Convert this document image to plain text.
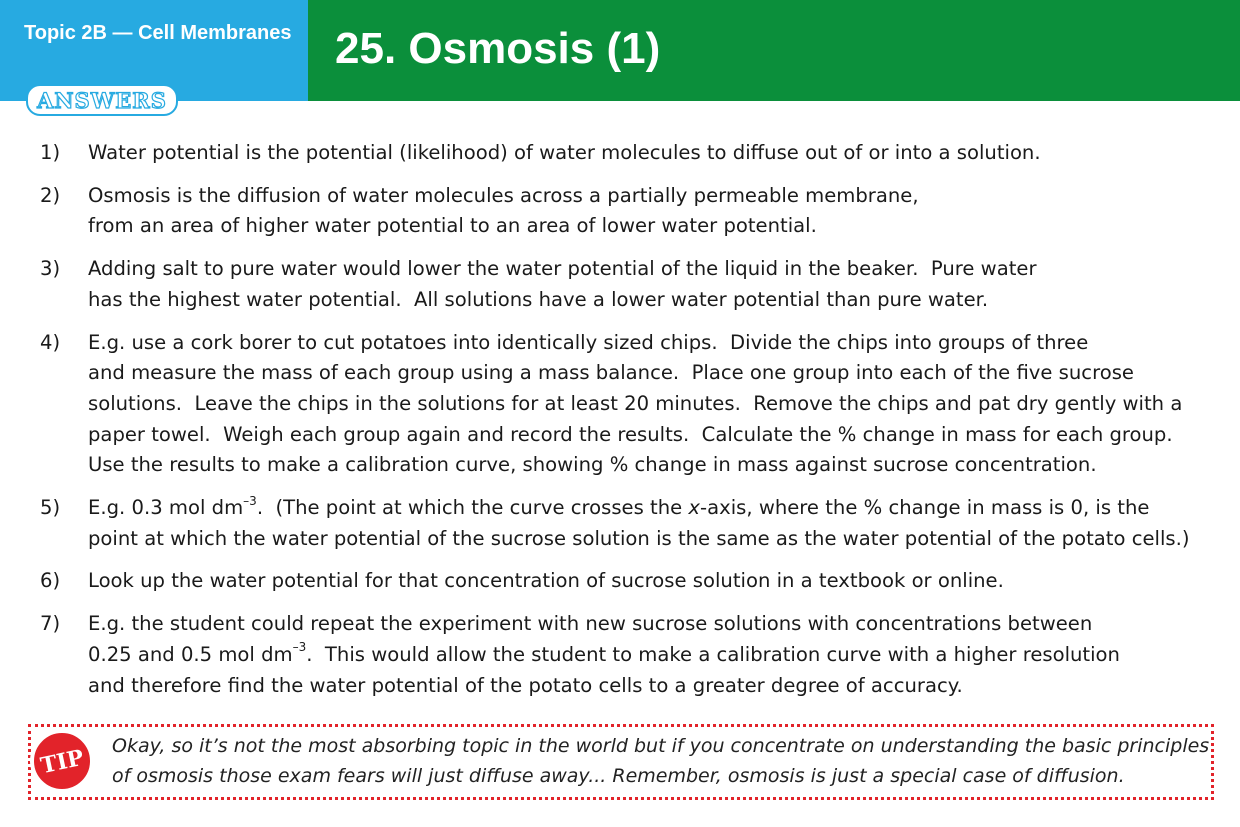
Topic 2B — Cell Membranes 25. Osmosis (1)
ANSWERS
1)	Water potential is the potential (likelihood) of water molecules to diffuse out of or into a solution.
2)	Osmosis is the diffusion of water molecules across a partially permeable membrane,
from an area of higher water potential to an area of lower water potential.
3)	Adding salt to pure water would lower the water potential of the liquid in the beaker.  Pure water
has the highest water potential.  All solutions have a lower water potential than pure water.
4)	E.g. use a cork borer to cut potatoes into identically sized chips.  Divide the chips into groups of three
and measure the mass of each group using a mass balance.  Place one group into each of the five sucrose
solutions.  Leave the chips in the solutions for at least 20 minutes.  Remove the chips and pat dry gently with a
paper towel.  Weigh each group again and record the results.  Calculate the % change in mass for each group.
Use the results to make a calibration curve, showing % change in mass against sucrose concentration.
5)	E.g. 0.3 mol $dm^{-3}$.  (The point at which the curve crosses the x-axis, where the % change in mass is 0, is the
point at which the water potential of the sucrose solution is the same as the water potential of the potato cells.)
6)	Look up the water potential for that concentration of sucrose solution in a textbook or online.
7)	E.g. the student could repeat the experiment with new sucrose solutions with concentrations between
0.25 and 0.5 mol $dm^{-3}$.  This would allow the student to make a calibration curve with a higher resolution
and therefore find the water potential of the potato cells to a greater degree of accuracy.
TIP Okay, so it’s not the most absorbing topic in the world but if you concentrate on understanding the basic principles
of osmosis those exam fears will just diffuse away... Remember, osmosis is just a special case of diffusion.
